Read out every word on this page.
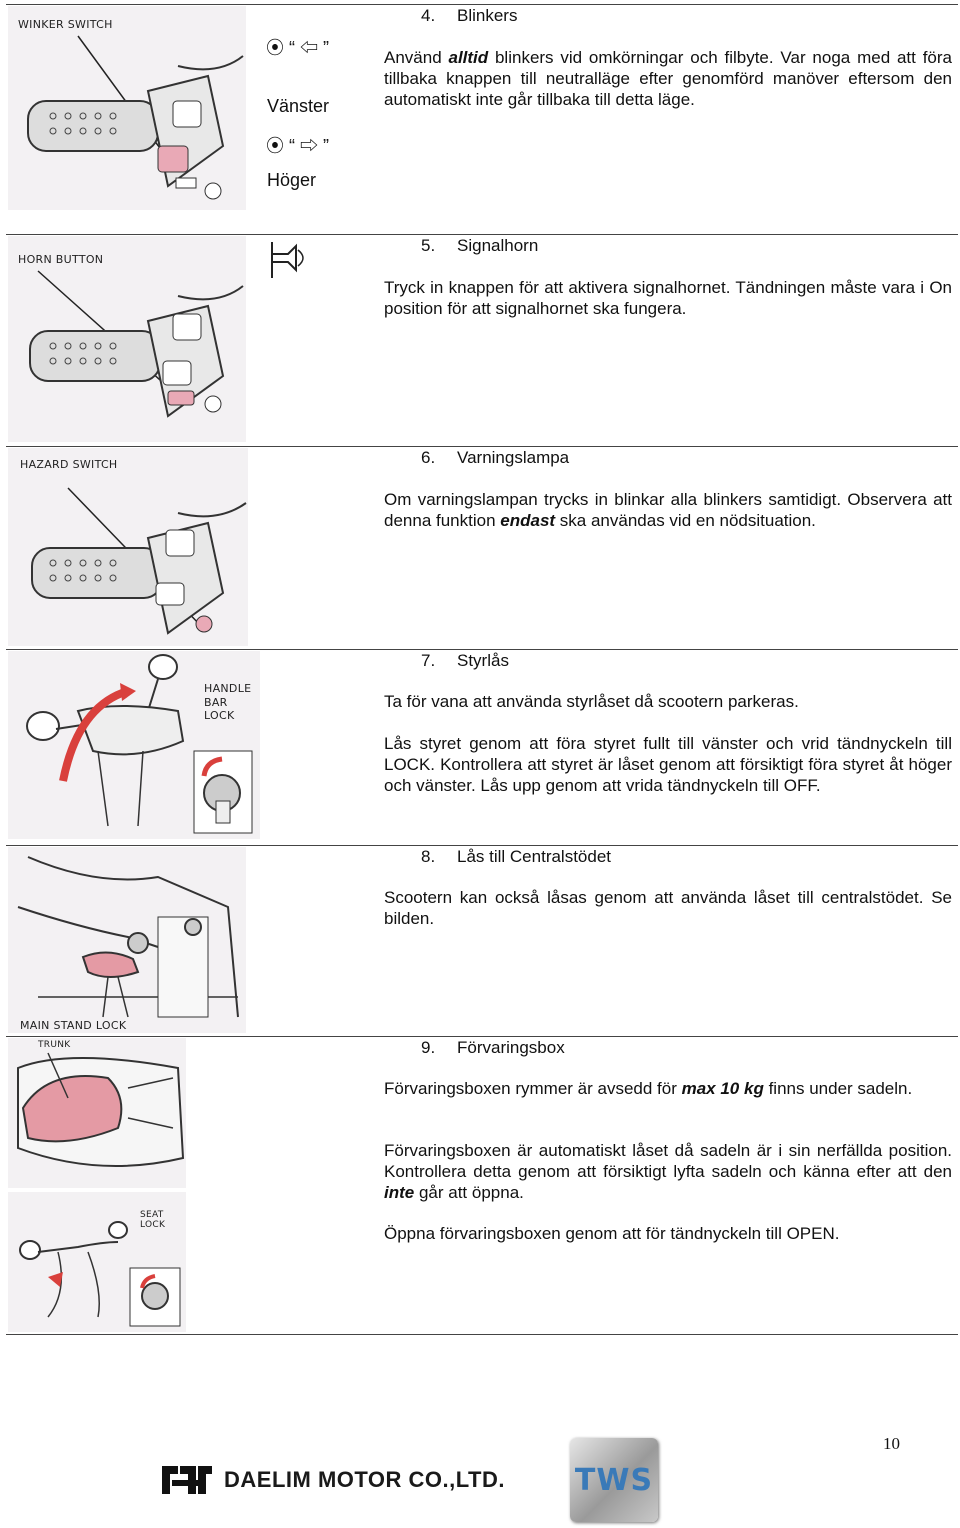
WINKER SWITCH
⦿ “ ⇦ ”
Vänster
⦿ “ ⇨ ”
Höger
4. Blinkers
Använd alltid blinkers vid omkörningar och filbyte. Var noga med att föra tillbaka knappen till neutralläge efter genomförd manöver eftersom den automatiskt inte går tillbaka till detta läge.
HORN BUTTON
5. Signalhorn
Tryck in knappen för att aktivera signalhornet. Tändningen måste vara i On position för att signalhornet ska fungera.
HAZARD SWITCH	6. Varningslampa
Om varningslampan trycks in blinkar alla blinkers samtidigt. Observera att denna funktion endast ska användas vid en nödsituation.
HANDLE
BAR LOCK
7. Styrlås
Ta för vana att använda styrlåset då scootern parkeras.
Lås styret genom att föra styret fullt till vänster och vrid tändnyckeln till LOCK. Kontrollera att styret är låset genom att försiktigt föra styret åt höger och vänster. Lås upp genom att vrida tändnyckeln till OFF.
MAIN STAND LOCK
8. Lås till Centralstödet
Scootern kan också låsas genom att använda låset till centralstödet. Se bilden.
TRUNK
SEAT LOCK
9. Förvaringsbox
Förvaringsboxen rymmer är avsedd för max 10 kg finns under sadeln.
Förvaringsboxen är automatiskt låset då sadeln är i sin nerfällda position. Kontrollera detta genom att försiktigt lyfta sadeln och känna efter att den inte går att öppna.
Öppna förvaringsboxen genom att för tändnyckeln till OPEN.
10
DAELIM MOTOR CO.,LTD. TWS
